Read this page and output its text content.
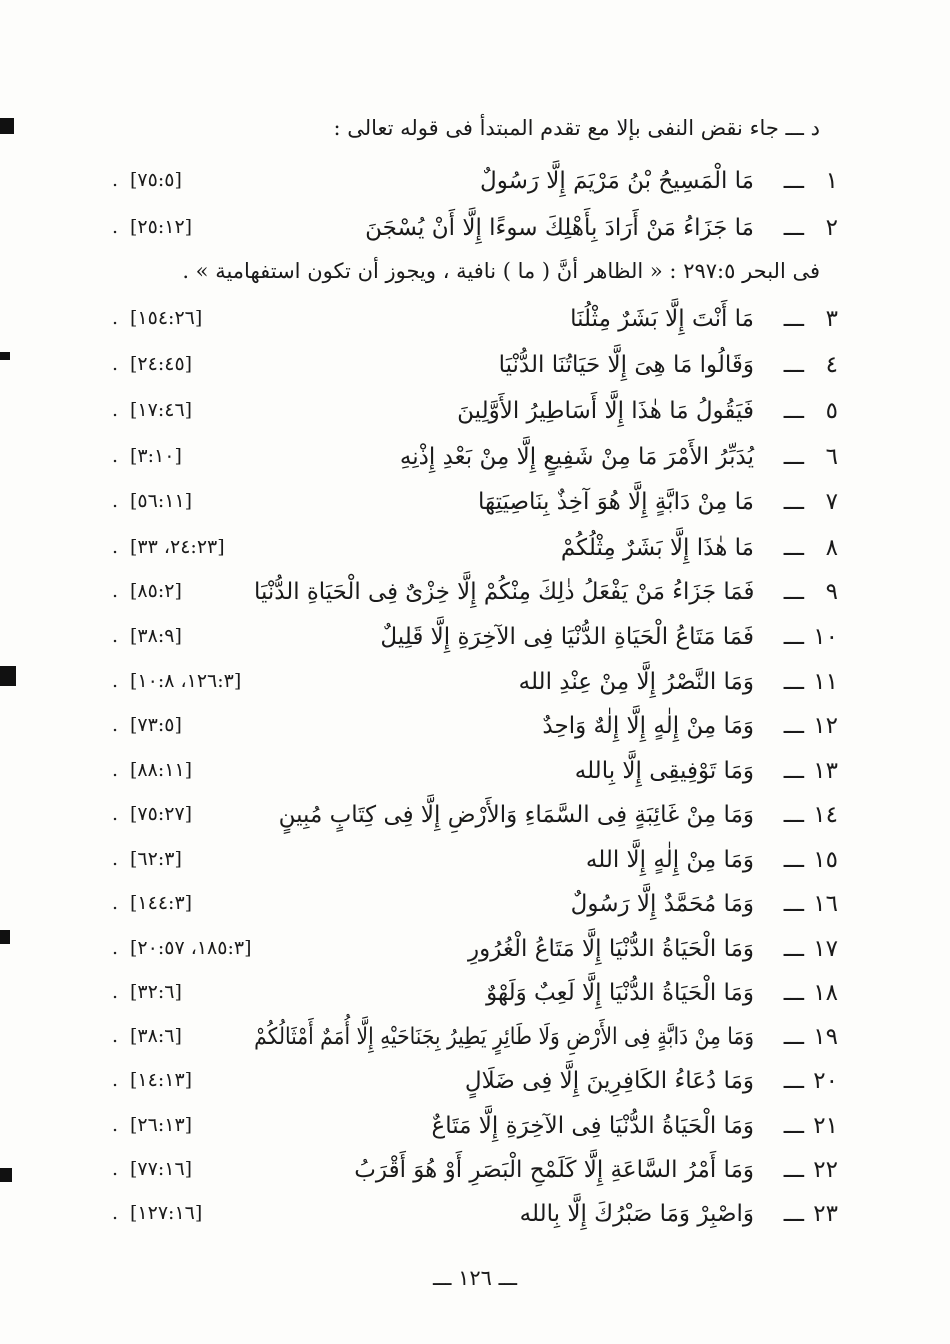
د ـــ جاء نقض النفى بإلا مع تقدم المبتدأ فى قوله تعالى :
فى البحر ٢٩٧:٥ : « الظاهر أنَّ ( ما ) نافية ، ويجوز أن تكون استفهامية » .
١
ـــ
مَا الْمَسِيحُ بْنُ مَرْيَمَ إِلَّا رَسُولٌ
[٧٥:٥]
.
٢
ـــ
مَا جَزَاءُ مَنْ أَرَادَ بِأَهْلِكَ سوءًا إِلَّا أَنْ يُسْجَنَ
[٢٥:١٢]
.
٣
ـــ
مَا أَنْتَ إِلَّا بَشَرٌ مِثْلُنَا
[١٥٤:٢٦]
.
٤
ـــ
وَقَالُوا مَا هِىَ إِلَّا حَيَاتُنَا الدُّنْيَا
[٢٤:٤٥]
.
٥
ـــ
فَيَقُولُ مَا هٰذَا إِلَّا أَسَاطِيرُ الأَوَّلِينَ
[١٧:٤٦]
.
٦
ـــ
يُدَبِّرُ الأَمْرَ مَا مِنْ شَفِيعٍ إِلَّا مِنْ بَعْدِ إِذْنِهِ
[٣:١٠]
.
٧
ـــ
مَا مِنْ دَابَّةٍ إِلَّا هُوَ آخِذٌ بِنَاصِيَتِهَا
[٥٦:١١]
.
٨
ـــ
مَا هٰذَا إِلَّا بَشَرٌ مِثْلُكُمْ
[٢٤:٢٣، ٣٣]
.
٩
ـــ
فَمَا جَزَاءُ مَنْ يَفْعَلُ ذٰلِكَ مِنْكُمْ إِلَّا خِزْىٌ فِى الْحَيَاةِ الدُّنْيَا
[٨٥:٢]
.
١٠
ـــ
فَمَا مَتَاعُ الْحَيَاةِ الدُّنْيَا فِى الآخِرَةِ إِلَّا قَلِيلٌ
[٣٨:٩]
.
١١
ـــ
وَمَا النَّصْرُ إِلَّا مِنْ عِنْدِ الله
[١٢٦:٣، ١٠:٨]
.
١٢
ـــ
وَمَا مِنْ إِلٰهٍ إِلَّا إِلٰهٌ وَاحِدٌ
[٧٣:٥]
.
١٣
ـــ
وَمَا تَوْفِيقِى إِلَّا بِالله
[٨٨:١١]
.
١٤
ـــ
وَمَا مِنْ غَائِبَةٍ فِى السَّمَاءِ وَالأَرْضِ إِلَّا فِى كِتَابٍ مُبِينٍ
[٧٥:٢٧]
.
١٥
ـــ
وَمَا مِنْ إِلٰهٍ إِلَّا الله
[٦٢:٣]
.
١٦
ـــ
وَمَا مُحَمَّدٌ إِلَّا رَسُولٌ
[١٤٤:٣]
.
١٧
ـــ
وَمَا الْحَيَاةُ الدُّنْيَا إِلَّا مَتَاعُ الْغُرُورِ
[١٨٥:٣، ٢٠:٥٧]
.
١٨
ـــ
وَمَا الْحَيَاةُ الدُّنْيَا إِلَّا لَعِبٌ وَلَهْوٌ
[٣٢:٦]
.
١٩
ـــ
وَمَا مِنْ دَابَّةٍ فِى الأَرْضِ وَلَا طَائِرٍ يَطِيرُ بِجَنَاحَيْهِ إِلَّا أُمَمٌ أَمْثَالُكُمْ
[٣٨:٦]
.
٢٠
ـــ
وَمَا دُعَاءُ الكَافِرِينَ إِلَّا فِى ضَلَالٍ
[١٤:١٣]
.
٢١
ـــ
وَمَا الْحَيَاةُ الدُّنْيَا فِى الآخِرَةِ إِلَّا مَتَاعٌ
[٢٦:١٣]
.
٢٢
ـــ
وَمَا أَمْرُ السَّاعَةِ إِلَّا كَلَمْحِ الْبَصَرِ أَوْ هُوَ أَقْرَبُ
[٧٧:١٦]
.
٢٣
ـــ
وَاصْبِرْ وَمَا صَبْرُكَ إِلَّا بِالله
[١٢٧:١٦]
.
ـــ ١٢٦ ـــ
